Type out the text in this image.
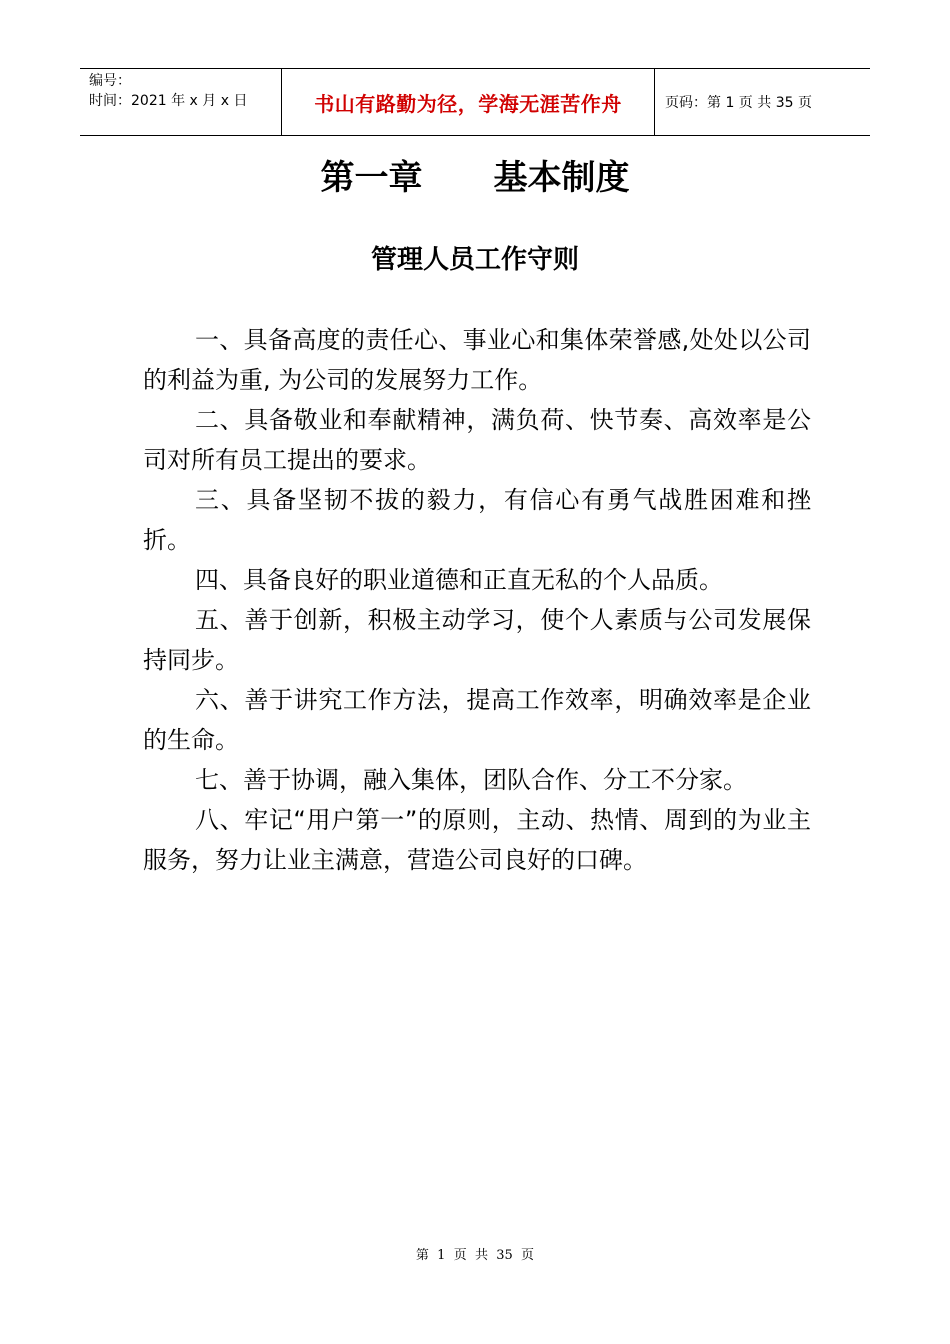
编号：
时间：2021 年 x 月 x 日	书山有路勤为径，学海无涯苦作舟	页码：第 1 页 共 35 页
第一章      基本制度
管理人员工作守则

一、具备高度的责任心、事业心和集体荣誉感,处处以公司的利益为重, 为公司的发展努力工作。

二、具备敬业和奉献精神，满负荷、快节奏、高效率是公司对所有员工提出的要求。

三、具备坚韧不拔的毅力，有信心有勇气战胜困难和挫折。

四、具备良好的职业道德和正直无私的个人品质。

五、善于创新，积极主动学习，使个人素质与公司发展保持同步。

六、善于讲究工作方法，提高工作效率，明确效率是企业的生命。

七、善于协调，融入集体，团队合作、分工不分家。

八、牢记“用户第一”的原则，主动、热情、周到的为业主服务，努力让业主满意，营造公司良好的口碑。

第  1  页  共  35  页
